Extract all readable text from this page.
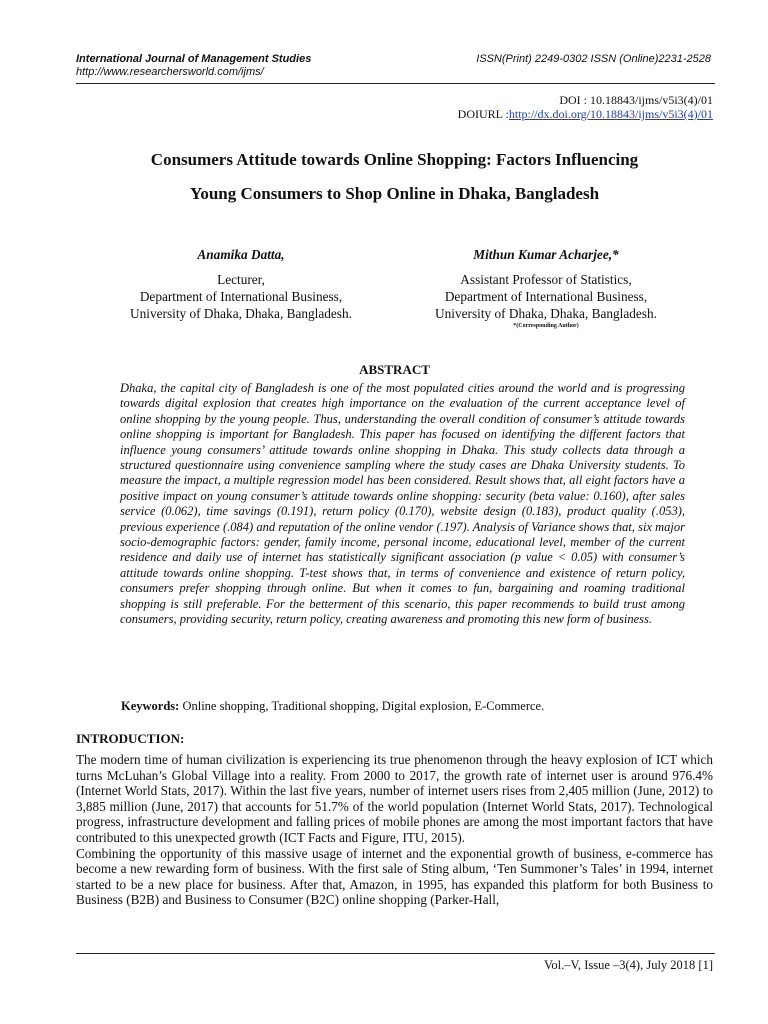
International Journal of Management Studies
http://www.researchersworld.com/ijms/
ISSN(Print) 2249-0302 ISSN (Online)2231-2528
DOI : 10.18843/ijms/v5i3(4)/01
DOIURL :http://dx.doi.org/10.18843/ijms/v5i3(4)/01
Consumers Attitude towards Online Shopping: Factors Influencing
Young Consumers to Shop Online in Dhaka, Bangladesh
Anamika Datta,
Lecturer,
Department of International Business,
University of Dhaka, Dhaka, Bangladesh.
Mithun Kumar Acharjee,*
Assistant Professor of Statistics,
Department of International Business,
University of Dhaka, Dhaka, Bangladesh.
*(Corresponding Author)
ABSTRACT
Dhaka, the capital city of Bangladesh is one of the most populated cities around the world and is progressing towards digital explosion that creates high importance on the evaluation of the current acceptance level of online shopping by the young people. Thus, understanding the overall condition of consumer’s attitude towards online shopping is important for Bangladesh. This paper has focused on identifying the different factors that influence young consumers’ attitude towards online shopping in Dhaka. This study collects data through a structured questionnaire using convenience sampling where the study cases are Dhaka University students. To measure the impact, a multiple regression model has been considered. Result shows that, all eight factors have a positive impact on young consumer’s attitude towards online shopping: security (beta value: 0.160), after sales service (0.062), time savings (0.191), return policy (0.170), website design (0.183), product quality (.053), previous experience (.084) and reputation of the online vendor (.197). Analysis of Variance shows that, six major socio-demographic factors: gender, family income, personal income, educational level, member of the current residence and daily use of internet has statistically significant association (p value < 0.05) with consumer’s attitude towards online shopping. T-test shows that, in terms of convenience and existence of return policy, consumers prefer shopping through online. But when it comes to fun, bargaining and roaming traditional shopping is still preferable. For the betterment of this scenario, this paper recommends to build trust among consumers, providing security, return policy, creating awareness and promoting this new form of business.
Keywords: Online shopping, Traditional shopping, Digital explosion, E-Commerce.
INTRODUCTION:

The modern time of human civilization is experiencing its true phenomenon through the heavy explosion of ICT which turns McLuhan’s Global Village into a reality. From 2000 to 2017, the growth rate of internet user is around 976.4% (Internet World Stats, 2017). Within the last five years, number of internet users rises from 2,405 million (June, 2012) to 3,885 million (June, 2017) that accounts for 51.7% of the world population (Internet World Stats, 2017). Technological progress, infrastructure development and falling prices of mobile phones are among the most important factors that have contributed to this unexpected growth (ICT Facts and Figure, ITU, 2015).

Combining the opportunity of this massive usage of internet and the exponential growth of business, e-commerce has become a new rewarding form of business. With the first sale of Sting album, ‘Ten Summoner’s Tales’ in 1994, internet started to be a new place for business. After that, Amazon, in 1995, has expanded this platform for both Business to Business (B2B) and Business to Consumer (B2C) online shopping (Parker-Hall,

Vol.–V, Issue –3(4), July 2018 [1]
